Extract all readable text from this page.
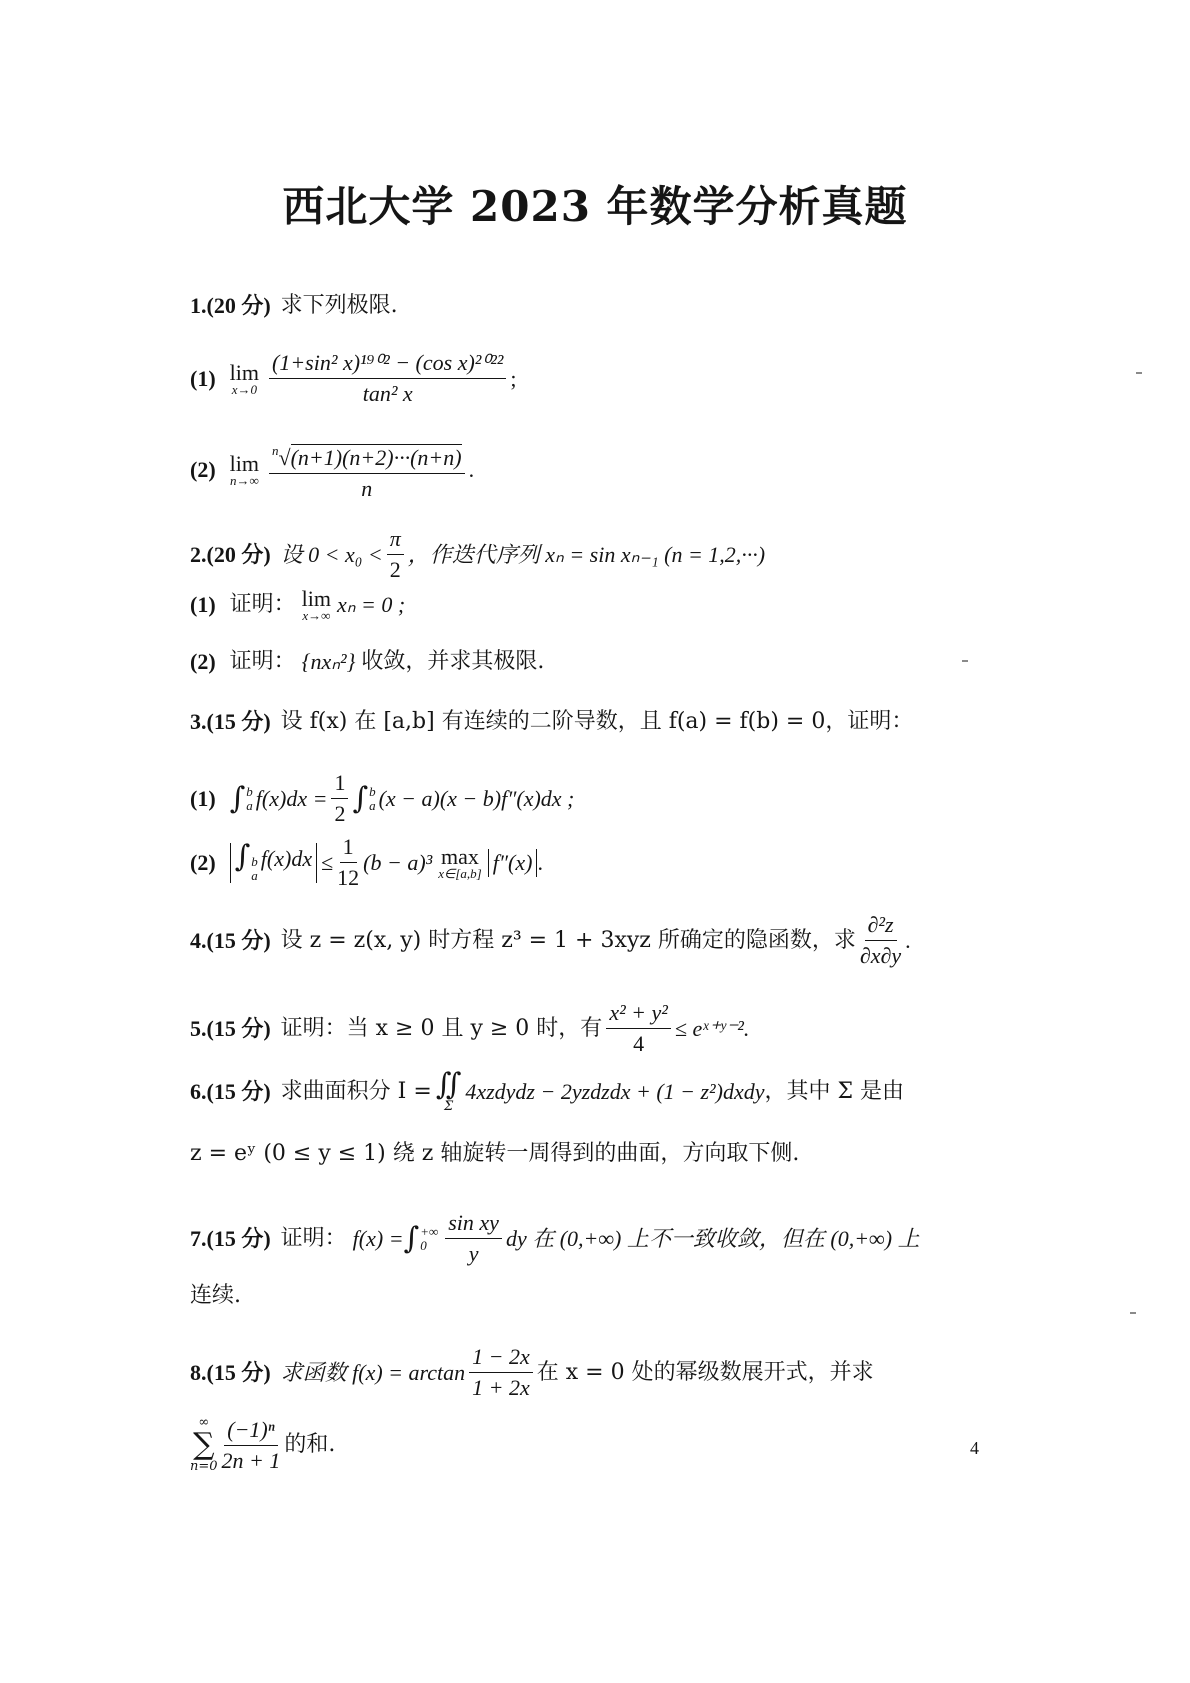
西北大学 2023 年数学分析真题
1.(20 分) 求下列极限.
(1) lim
$x\to 0 \frac{\text{(1+sin² x)¹⁹⁰² − (cos x)²⁰²²}}{\text{tan² x}}$ ;
(2) lim
$n\to\infty \frac{^n√(n+1)(n+2)\cdot\cdot\cdot(n+n)}{n}$ .
2.(20 分) 设 $0 < x_0 < \frac{\pi}{2}$ ，作迭代序列 xₙ = sin xₙ₋₁ (n = 1,2,···)
(1) 证明： lim
x→∞ xₙ = 0 ;
(2) 证明： {nxₙ²} 收敛，并求其极限.
3.(15 分) 设 f(x) 在 [a,b] 有连续的二阶导数，且 f(a) = f(b) = 0，证明：
(1) ∫ b
a $f(x)dx = \frac{1}{2}$ ∫ b
a (x − a)(x − b)f″(x)dx ;
(2) ∫ b
a
$f(x)dx \le \frac{1}{12} (b - a)^3$ max
x∈[a,b] f″(x) .
4.(15 分) 设 z = z(x, y) 时方程 z³ = 1 + 3xyz 所确定的隐函数，求 $\frac{\text{∂²z}}{\partial x\partial y}$ .
5.(15 分) 证明：当 x ≥ 0 且 y ≥ 0 时，有 $\frac{\text{x² + y²}}{4}$ ≤ eˣ⁺ʸ⁻².
6.(15 分) 求曲面积分 I = ∬
Σ
4xzdydz − 2yzdzdx + (1 − z²)dxdy ，其中 Σ 是由
z = eʸ (0 ≤ y ≤ 1) 绕 z 轴旋转一周得到的曲面，方向取下侧.
7.(15 分) 证明： f(x) = ∫ +∞
$0 \frac{\text{sin xy}}{y}$ dy 在 (0,+∞) 上不一致收敛，但在 (0,+∞) 上
连续.
8.(15 分) 求函数 $f(x) = \arctan \frac{1 - 2x}{1 + 2x}$ 在 x = 0 处的幂级数展开式，并求
∞
∑
$n=0 \frac{\text{(−1)ⁿ}}{2n + 1}$ 的和.	4
